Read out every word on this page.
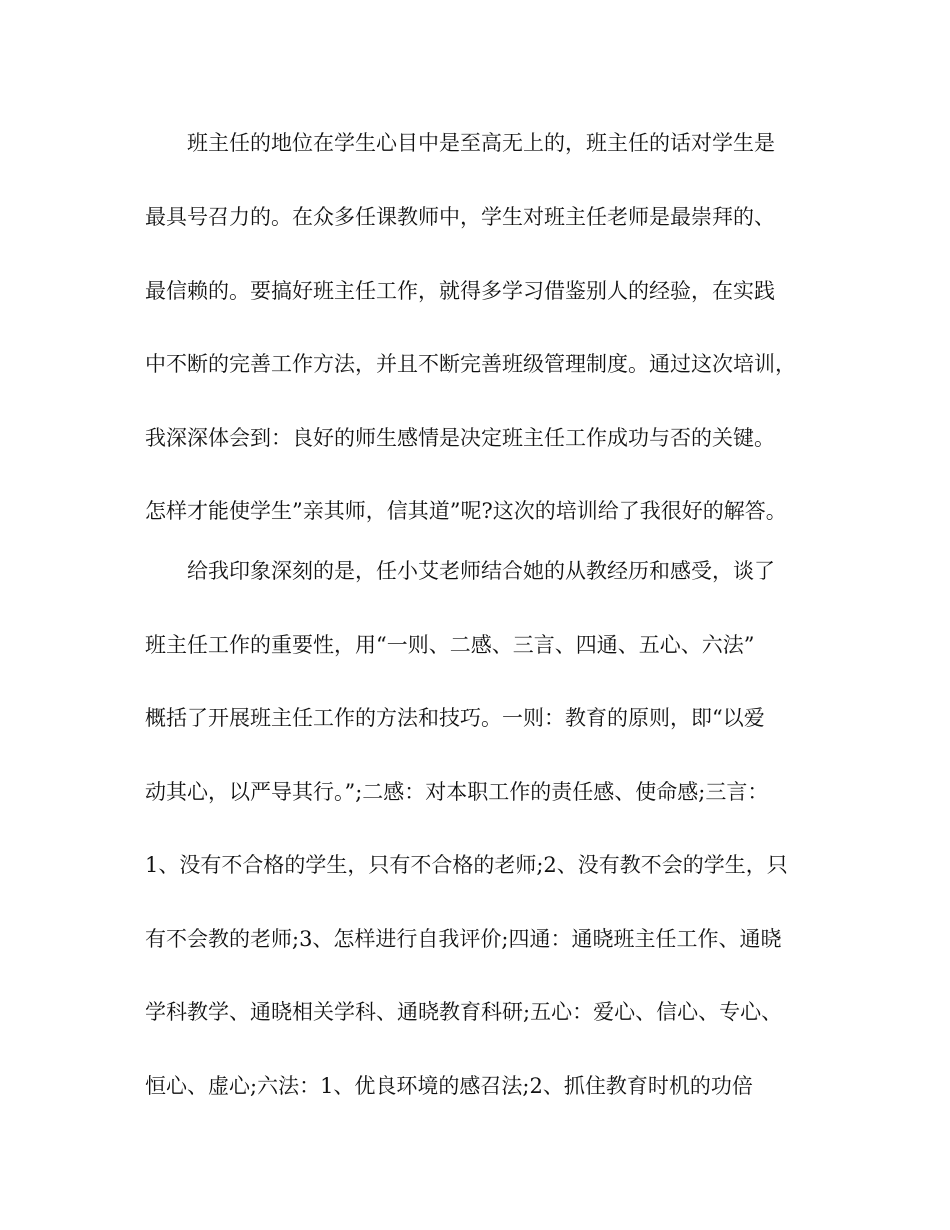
班主任的地位在学生心目中是至高无上的，班主任的话对学生是
最具号召力的。在众多任课教师中，学生对班主任老师是最崇拜的、
最信赖的。要搞好班主任工作，就得多学习借鉴别人的经验，在实践
中不断的完善工作方法，并且不断完善班级管理制度。通过这次培训，
我深深体会到：良好的师生感情是决定班主任工作成功与否的关键。
怎样才能使学生”亲其师，信其道”呢?这次的培训给了我很好的解答。
给我印象深刻的是，任小艾老师结合她的从教经历和感受，谈了
班主任工作的重要性，用“一则、二感、三言、四通、五心、六法”
概括了开展班主任工作的方法和技巧。一则：教育的原则，即“以爱
动其心，以严导其行。”;二感：对本职工作的责任感、使命感;三言：
1、没有不合格的学生，只有不合格的老师;2、没有教不会的学生，只
有不会教的老师;3、怎样进行自我评价;四通：通晓班主任工作、通晓
学科教学、通晓相关学科、通晓教育科研;五心：爱心、信心、专心、
恒心、虚心;六法：1、优良环境的感召法;2、抓住教育时机的功倍
